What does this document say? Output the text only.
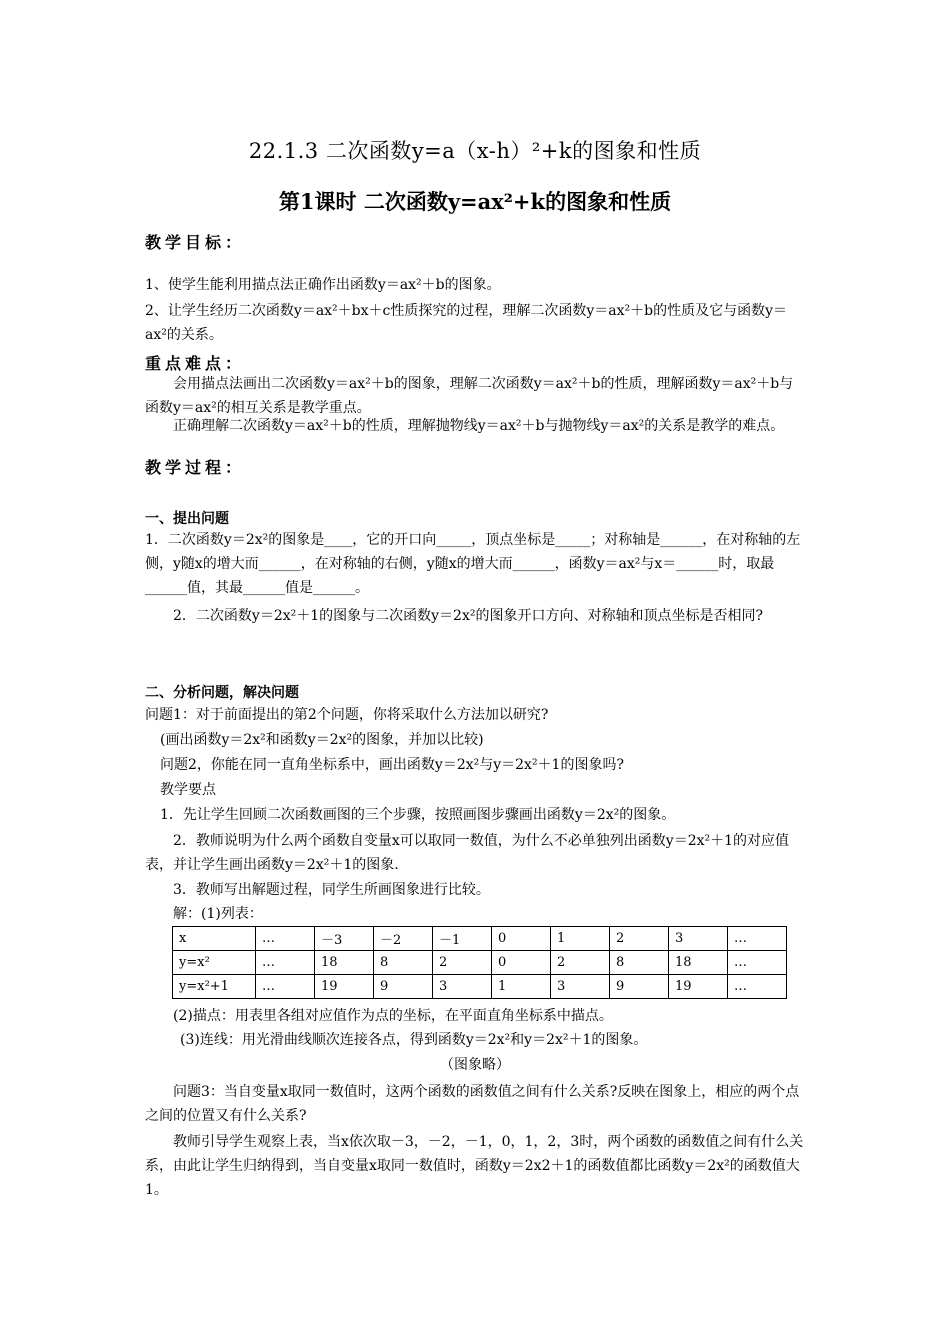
22.1.3 二次函数y=a（x-h）²+k的图象和性质
第1课时 二次函数y=ax²+k的图象和性质
教学目标：
1、使学生能利用描点法正确作出函数y＝ax²＋b的图象。
2、让学生经历二次函数y＝ax²＋bx＋c性质探究的过程，理解二次函数y＝ax²＋b的性质及它与函数y＝ax²的关系。
重点难点：
会用描点法画出二次函数y＝ax²＋b的图象，理解二次函数y＝ax²＋b的性质，理解函数y＝ax²＋b与函数y＝ax²的相互关系是教学重点。
正确理解二次函数y＝ax²＋b的性质，理解抛物线y＝ax²＋b与抛物线y＝ax²的关系是教学的难点。
教学过程：
一、提出问题
1．二次函数y＝2x²的图象是____，它的开口向_____，顶点坐标是_____；对称轴是______，在对称轴的左侧，y随x的增大而______，在对称轴的右侧，y随x的增大而______，函数y＝ax²与x＝______时，取最______值，其最______值是______。
2．二次函数y＝2x²＋1的图象与二次函数y＝2x²的图象开口方向、对称轴和顶点坐标是否相同?
二、分析问题，解决问题
问题1：对于前面提出的第2个问题，你将采取什么方法加以研究?
(画出函数y＝2x²和函数y＝2x²的图象，并加以比较)
问题2，你能在同一直角坐标系中，画出函数y＝2x²与y＝2x²＋1的图象吗?
教学要点
1．先让学生回顾二次函数画图的三个步骤，按照画图步骤画出函数y＝2x²的图象。
2．教师说明为什么两个函数自变量x可以取同一数值，为什么不必单独列出函数y＝2x²＋1的对应值表，并让学生画出函数y＝2x²＋1的图象.
3．教师写出解题过程，同学生所画图象进行比较。
解：(1)列表：
x	…	－3	－2	－1	0	1	2	3	…
y=x²	…	18	8	2	0	2	8	18	…
y=x²+1	…	19	9	3	1	3	9	19	…
(2)描点：用表里各组对应值作为点的坐标，在平面直角坐标系中描点。
(3)连线：用光滑曲线顺次连接各点，得到函数y＝2x²和y＝2x²＋1的图象。
（图象略）
问题3：当自变量x取同一数值时，这两个函数的函数值之间有什么关系?反映在图象上，相应的两个点之间的位置又有什么关系?
教师引导学生观察上表，当x依次取－3，－2，－1，0，1，2，3时，两个函数的函数值之间有什么关系，由此让学生归纳得到，当自变量x取同一数值时，函数y＝2x2＋1的函数值都比函数y＝2x²的函数值大1。
